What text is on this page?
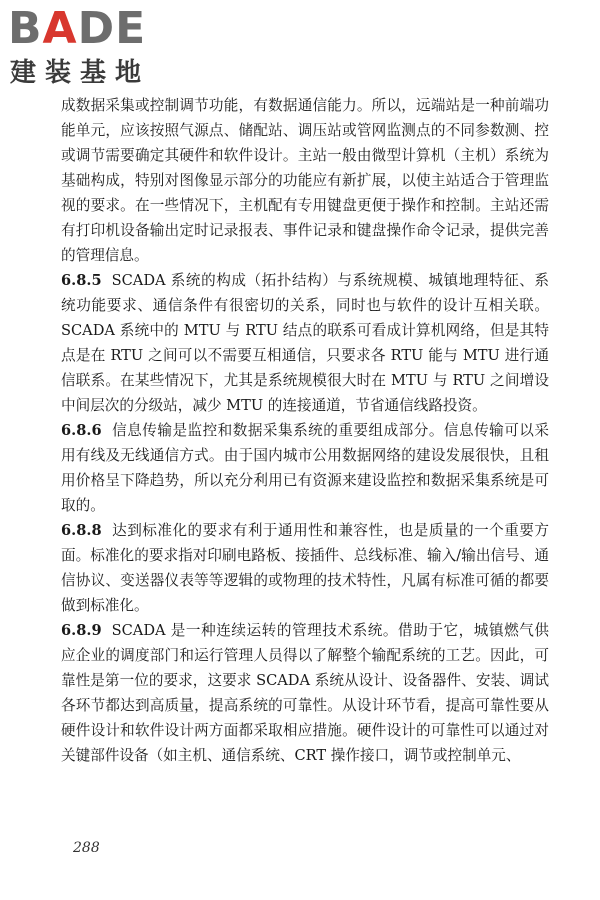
BADE
建装基地

成数据采集或控制调节功能，有数据通信能力。所以，远端站是一种前端功能单元，应该按照气源点、储配站、调压站或管网监测点的不同参数测、控或调节需要确定其硬件和软件设计。主站一般由微型计算机（主机）系统为基础构成，特别对图像显示部分的功能应有新扩展，以使主站适合于管理监视的要求。在一些情况下，主机配有专用键盘更便于操作和控制。主站还需有打印机设备输出定时记录报表、事件记录和键盘操作命令记录，提供完善的管理信息。

6.8.5 SCADA 系统的构成（拓扑结构）与系统规模、城镇地理特征、系统功能要求、通信条件有很密切的关系，同时也与软件的设计互相关联。SCADA 系统中的 MTU 与 RTU 结点的联系可看成计算机网络，但是其特点是在 RTU 之间可以不需要互相通信，只要求各 RTU 能与 MTU 进行通信联系。在某些情况下，尤其是系统规模很大时在 MTU 与 RTU 之间增设中间层次的分级站，减少 MTU 的连接通道，节省通信线路投资。

6.8.6 信息传输是监控和数据采集系统的重要组成部分。信息传输可以采用有线及无线通信方式。由于国内城市公用数据网络的建设发展很快，且租用价格呈下降趋势，所以充分利用已有资源来建设监控和数据采集系统是可取的。

6.8.8 达到标准化的要求有利于通用性和兼容性，也是质量的一个重要方面。标准化的要求指对印刷电路板、接插件、总线标准、输入/输出信号、通信协议、变送器仪表等等逻辑的或物理的技术特性，凡属有标准可循的都要做到标准化。

6.8.9 SCADA 是一种连续运转的管理技术系统。借助于它，城镇燃气供应企业的调度部门和运行管理人员得以了解整个输配系统的工艺。因此，可靠性是第一位的要求，这要求 SCADA 系统从设计、设备器件、安装、调试各环节都达到高质量，提高系统的可靠性。从设计环节看，提高可靠性要从硬件设计和软件设计两方面都采取相应措施。硬件设计的可靠性可以通过对关键部件设备（如主机、通信系统、CRT 操作接口，调节或控制单元、

288
